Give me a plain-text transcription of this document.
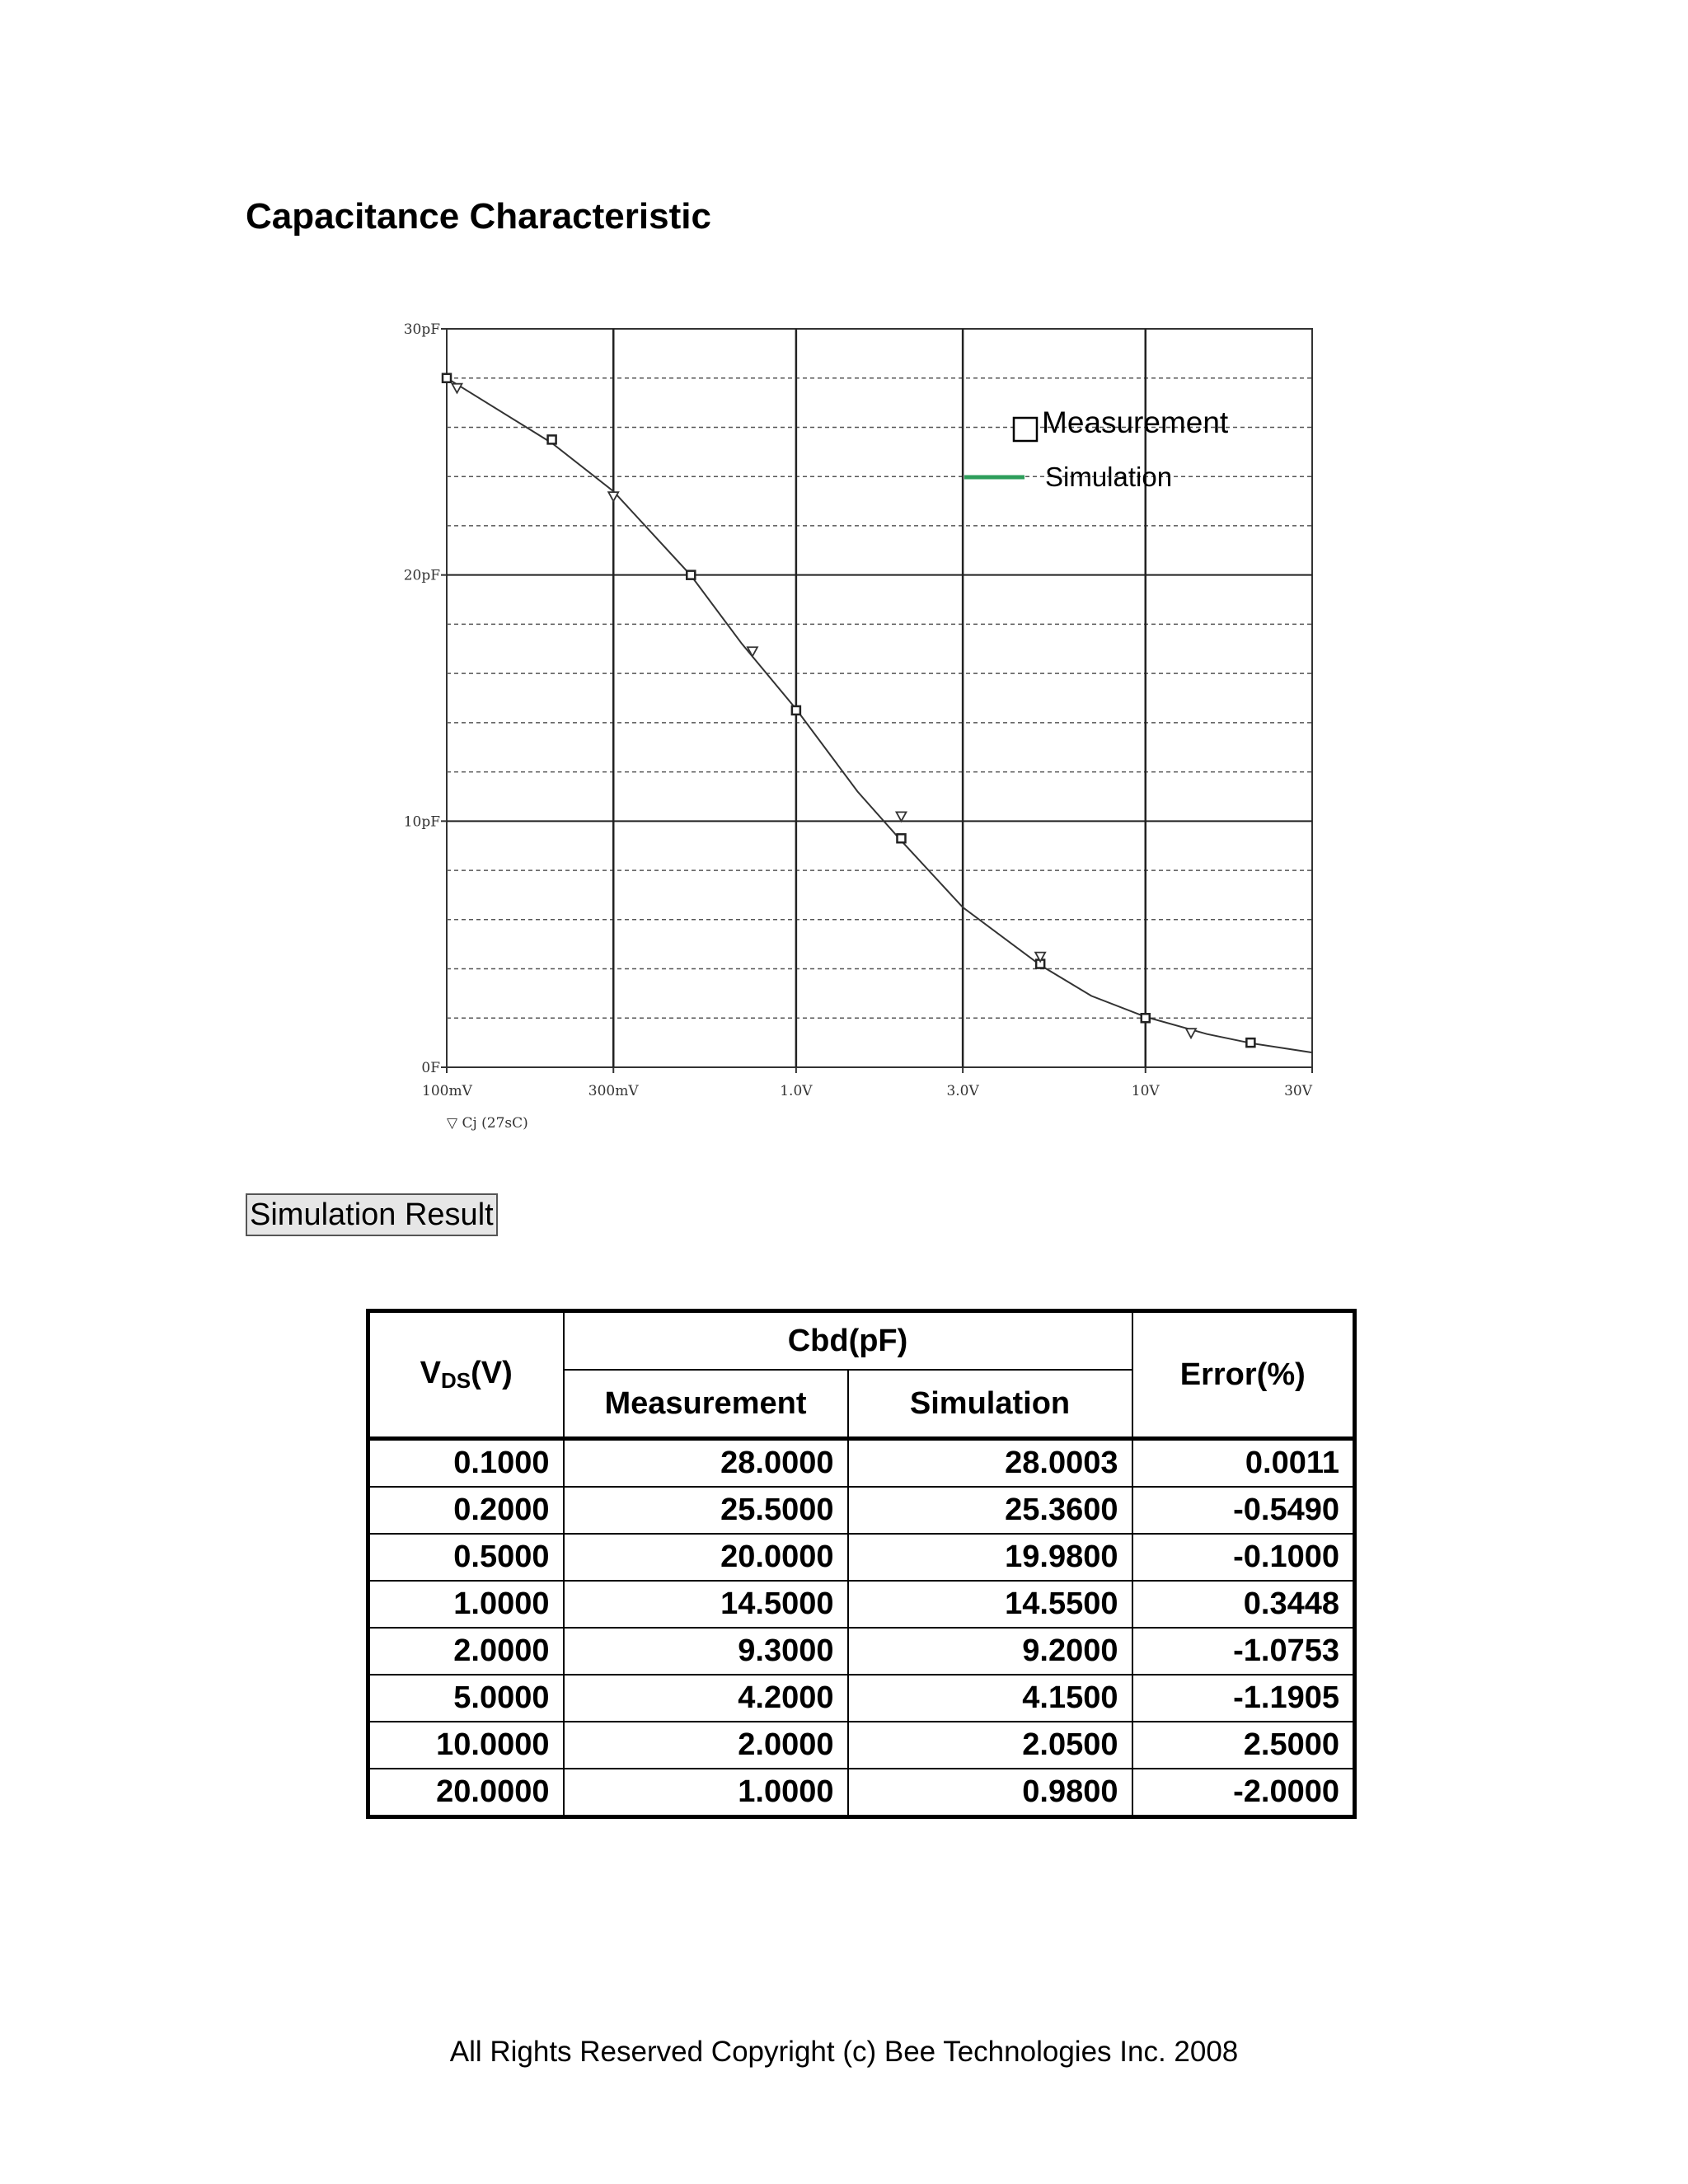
Capacitance Characteristic
0F
10pF
20pF
30pF
100mV	300mV	1.0V	3.0V	10V	30V
▽ Cj (27sC)
Measurement
Simulation
Simulation Result
VDS(V)	Cbd(pF)		Error(%)
	Measurement	Simulation	
0.1000	28.0000	28.0003	0.0011
0.2000	25.5000	25.3600	-0.5490
0.5000	20.0000	19.9800	-0.1000
1.0000	14.5000	14.5500	0.3448
2.0000	9.3000	9.2000	-1.0753
5.0000	4.2000	4.1500	-1.1905
10.0000	2.0000	2.0500	2.5000
20.0000	1.0000	0.9800	-2.0000
All Rights Reserved Copyright (c) Bee Technologies Inc. 2008
